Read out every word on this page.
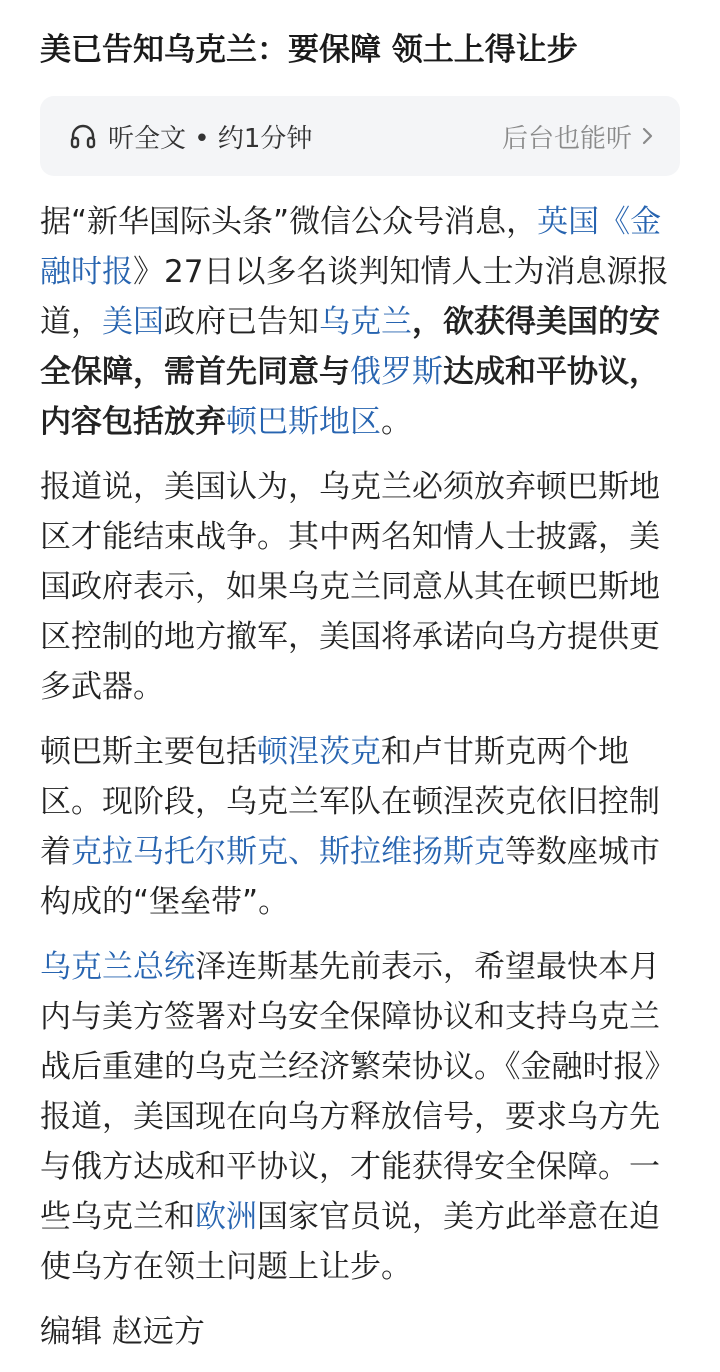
美已告知乌克兰：要保障 领土上得让步
听全文 • 约1分钟	后台也能听

据“新华国际头条”微信公众号消息，英国《金融时报》27日以多名谈判知情人士为消息源报道，美国政府已告知乌克兰，欲获得美国的安全保障，需首先同意与俄罗斯达成和平协议，内容包括放弃顿巴斯地区。

报道说，美国认为，乌克兰必须放弃顿巴斯地区才能结束战争。其中两名知情人士披露，美国政府表示，如果乌克兰同意从其在顿巴斯地区控制的地方撤军，美国将承诺向乌方提供更多武器。

顿巴斯主要包括顿涅茨克和卢甘斯克两个地区。现阶段，乌克兰军队在顿涅茨克依旧控制着克拉马托尔斯克、斯拉维扬斯克等数座城市构成的“堡垒带”。

乌克兰总统泽连斯基先前表示，希望最快本月内与美方签署对乌安全保障协议和支持乌克兰战后重建的乌克兰经济繁荣协议。《金融时报》报道，美国现在向乌方释放信号，要求乌方先与俄方达成和平协议，才能获得安全保障。一些乌克兰和欧洲国家官员说，美方此举意在迫使乌方在领土问题上让步。

编辑 赵远方
